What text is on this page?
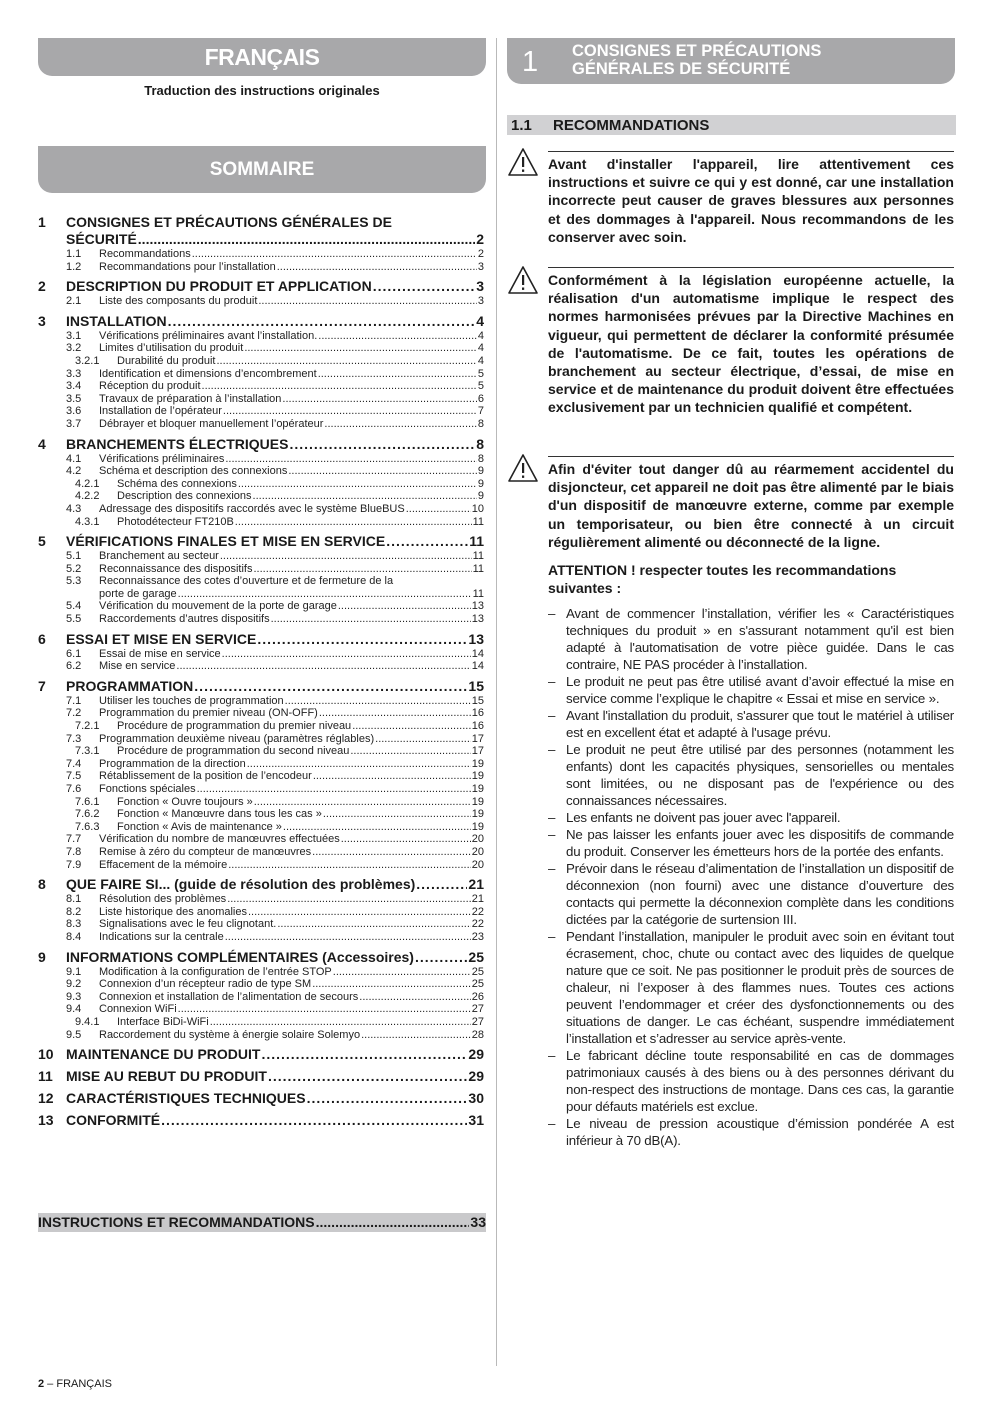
FRANÇAIS
Traduction des instructions originales
SOMMAIRE
1 CONSIGNES ET PRÉCAUTIONS GÉNÉRALES DE
SÉCURITÉ .....	2
1.1	Recommandations .....	2
1.2	Recommandations pour l’installation .....	3
2	DESCRIPTION DU PRODUIT ET APPLICATION .....	3
2.1	Liste des composants du produit .....	3
3	INSTALLATION .....	4
3.1	Vérifications préliminaires avant l’installation. .....	4
3.2	Limites d’utilisation du produit .....	4
3.2.1	Durabilité du produit .....	4
3.3	Identification et dimensions d’encombrement .....	5
3.4	Réception du produit .....	5
3.5	Travaux de préparation à l’installation .....	6
3.6	Installation de l’opérateur .....	7
3.7	Débrayer et bloquer manuellement l’opérateur .....	8
4	BRANCHEMENTS ÉLECTRIQUES .....	8
4.1	Vérifications préliminaires .....	8
4.2	Schéma et description des connexions .....	9
4.2.1	Schéma des connexions .....	9
4.2.2	Description des connexions .....	9
4.3	Adressage des dispositifs raccordés avec le système BlueBUS .....	10
4.3.1	Photodétecteur FT210B .....	11
5	VÉRIFICATIONS FINALES ET MISE EN SERVICE .....	11
5.1	Branchement au secteur .....	11
5.2	Reconnaissance des dispositifs .....	11
5.3 Reconnaissance des cotes d’ouverture et de fermeture de la
porte de garage .....	11
5.4	Vérification du mouvement de la porte de garage .....	13
5.5	Raccordements d’autres dispositifs .....	13
6	ESSAI ET MISE EN SERVICE .....	13
6.1	Essai de mise en service .....	14
6.2	Mise en service .....	14
7	PROGRAMMATION .....	15
7.1	Utiliser les touches de programmation .....	15
7.2	Programmation du premier niveau (ON-OFF) .....	16
7.2.1	Procédure de programmation du premier niveau .....	16
7.3	Programmation deuxième niveau (paramètres réglables) .....	17
7.3.1	Procédure de programmation du second niveau .....	17
7.4	Programmation de la direction .....	19
7.5	Rétablissement de la position de l’encodeur .....	19
7.6	Fonctions spéciales .....	19
7.6.1	Fonction « Ouvre toujours » .....	19
7.6.2	Fonction « Manœuvre dans tous les cas » .....	19
7.6.3	Fonction « Avis de maintenance » .....	19
7.7	Vérification du nombre de manœuvres effectuées .....	20
7.8	Remise à zéro du compteur de manœuvres .....	20
7.9	Effacement de la mémoire .....	20
8	QUE FAIRE SI... (guide de résolution des problèmes) .....	21
8.1	Résolution des problèmes .....	21
8.2	Liste historique des anomalies .....	22
8.3	Signalisations avec le feu clignotant. .....	22
8.4	Indications sur la centrale .....	23
9	INFORMATIONS COMPLÉMENTAIRES (Accessoires) .....	25
9.1	Modification à la configuration de l’entrée STOP .....	25
9.2	Connexion d’un récepteur radio de type SM .....	25
9.3	Connexion et installation de l’alimentation de secours .....	26
9.4	Connexion WiFi .....	27
9.4.1	Interface BiDi-WiFi .....	27
9.5	Raccordement du système à énergie solaire Solemyo .....	28
10 MAINTENANCE DU PRODUIT .....	29
11 MISE AU REBUT DU PRODUIT .....	29
12 CARACTÉRISTIQUES TECHNIQUES .....	30
13 CONFORMITÉ .....	31
INSTRUCTIONS ET RECOMMANDATIONS .....	33
2 – FRANÇAIS
1 CONSIGNES ET PRÉCAUTIONS
GÉNÉRALES DE SÉCURITÉ
1.1 RECOMMANDATIONS
Avant d'installer l'appareil, lire attentivement ces instructions et suivre ce qui y est donné, car une installation incorrecte peut causer de graves blessures aux personnes et des dommages à l'appareil. Nous recommandons de les conserver avec soin.
Conformément à la législation européenne actuelle, la réalisation d'un automatisme implique le respect des normes harmonisées prévues par la Directive Machines en vigueur, qui permettent de déclarer la conformité présumée de l'automatisme. De ce fait, toutes les opérations de branchement au secteur électrique, d’essai, de mise en service et de maintenance du produit doivent être effectuées exclusivement par un technicien qualifié et compétent.
Afin d'éviter tout danger dû au réarmement accidentel du disjoncteur, cet appareil ne doit pas être alimenté par le biais d'un dispositif de manœuvre externe, comme par exemple un temporisateur, ou bien être connecté à un circuit régulièrement alimenté ou déconnecté de la ligne.
ATTENTION ! respecter toutes les recommandations suivantes :
– Avant de commencer l’installation, vérifier les « Caractéristiques techniques du produit » en s'assurant notamment qu'il est bien adapté à l'automatisation de votre pièce guidée. Dans le cas contraire, NE PAS procéder à l’installation.
– Le produit ne peut pas être utilisé avant d’avoir effectué la mise en service comme l’explique le chapitre « Essai et mise en service ».
– Avant l'installation du produit, s'assurer que tout le matériel à utiliser est en excellent état et adapté à l'usage prévu.
– Le produit ne peut être utilisé par des personnes (notamment les enfants) dont les capacités physiques, sensorielles ou mentales sont limitées, ou ne disposant pas de l'expérience ou des connaissances nécessaires.
– Les enfants ne doivent pas jouer avec l'appareil.
– Ne pas laisser les enfants jouer avec les dispositifs de commande du produit. Conserver les émetteurs hors de la portée des enfants.
– Prévoir dans le réseau d’alimentation de l’installation un dispositif de déconnexion (non fourni) avec une distance d’ouverture des contacts qui permette la déconnexion complète dans les conditions dictées par la catégorie de surtension III.
– Pendant l’installation, manipuler le produit avec soin en évitant tout écrasement, choc, chute ou contact avec des liquides de quelque nature que ce soit. Ne pas positionner le produit près de sources de chaleur, ni l’exposer à des flammes nues. Toutes ces actions peuvent l’endommager et créer des dysfonctionnements ou des situations de danger. Le cas échéant, suspendre immédiatement l’installation et s’adresser au service après-vente.
– Le fabricant décline toute responsabilité en cas de dommages patrimoniaux causés à des biens ou à des personnes dérivant du non-respect des instructions de montage. Dans ces cas, la garantie pour défauts matériels est exclue.
– Le niveau de pression acoustique d’émission pondérée A est inférieur à 70 dB(A).
